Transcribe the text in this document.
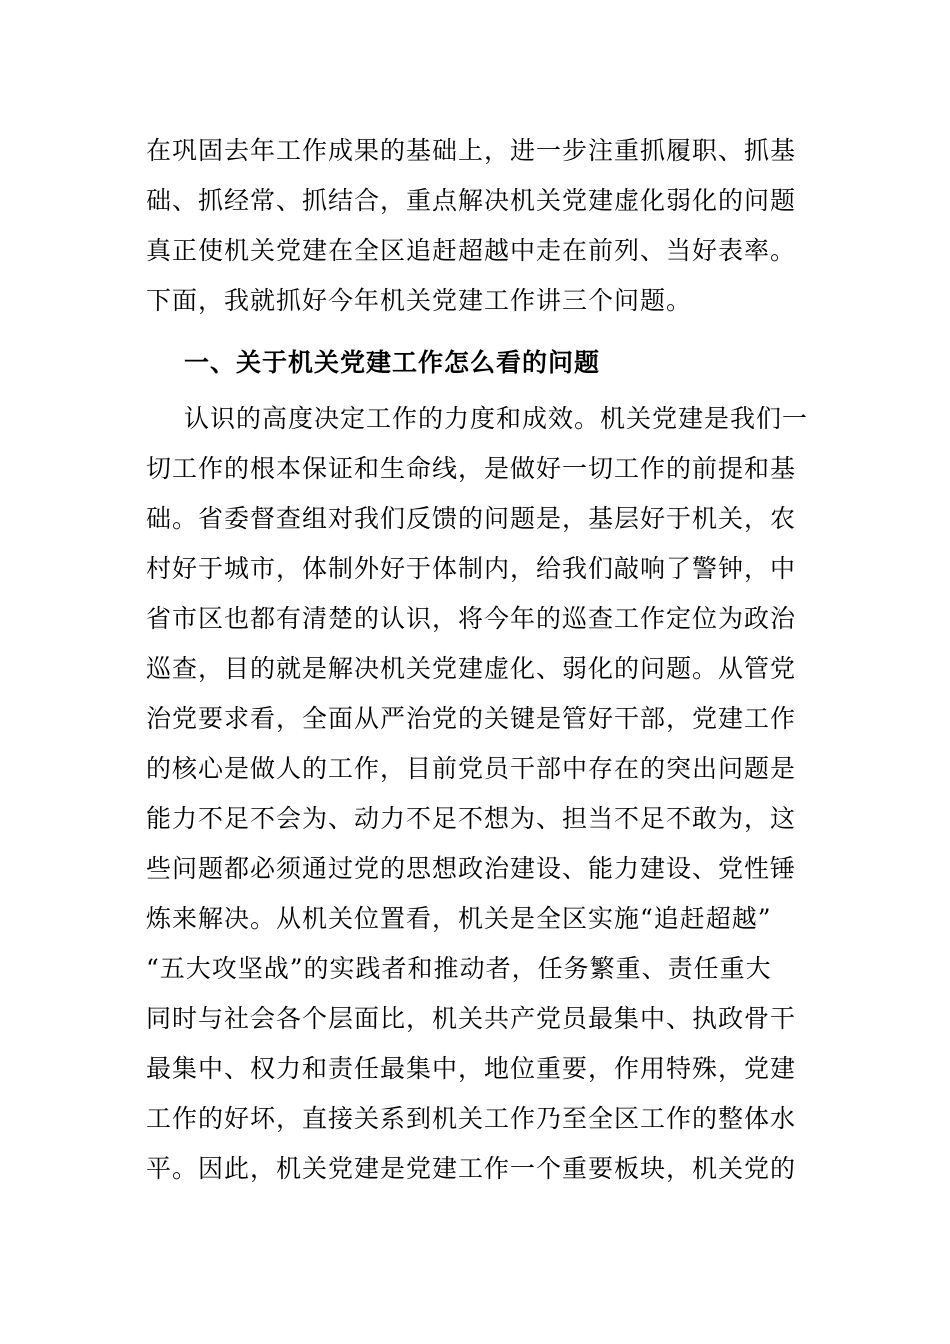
在巩固去年工作成果的基础上，进一步注重抓履职、抓基
础、抓经常、抓结合，重点解决机关党建虚化弱化的问题
真正使机关党建在全区追赶超越中走在前列、当好表率。
下面，我就抓好今年机关党建工作讲三个问题。
一、关于机关党建工作怎么看的问题
认识的高度决定工作的力度和成效。机关党建是我们一
切工作的根本保证和生命线，是做好一切工作的前提和基
础。省委督查组对我们反馈的问题是，基层好于机关，农
村好于城市，体制外好于体制内，给我们敲响了警钟，中
省市区也都有清楚的认识，将今年的巡查工作定位为政治
巡查，目的就是解决机关党建虚化、弱化的问题。从管党
治党要求看，全面从严治党的关键是管好干部，党建工作
的核心是做人的工作，目前党员干部中存在的突出问题是
能力不足不会为、动力不足不想为、担当不足不敢为，这
些问题都必须通过党的思想政治建设、能力建设、党性锤
炼来解决。从机关位置看，机关是全区实施“追赶超越”
“五大攻坚战”的实践者和推动者，任务繁重、责任重大
同时与社会各个层面比，机关共产党员最集中、执政骨干
最集中、权力和责任最集中，地位重要，作用特殊，党建
工作的好坏，直接关系到机关工作乃至全区工作的整体水
平。因此，机关党建是党建工作一个重要板块，机关党的
